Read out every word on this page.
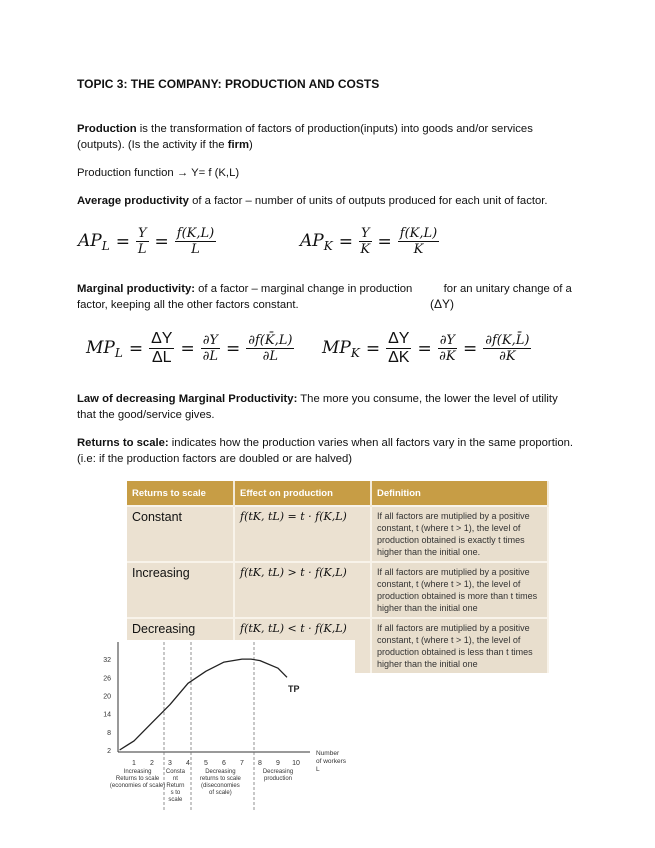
TOPIC 3: THE COMPANY: PRODUCTION AND COSTS
Production is the transformation of factors of production(inputs) into goods and/or services (outputs). (Is the activity if the firm)
Production function → Y= f (K,L)
Average productivity of a factor – number of units of outputs produced for each unit of factor.
$AP_L = \frac{Y}{L} = \frac{f(K,L)}{L}$	$AP_K = \frac{Y}{K} = \frac{f(K,L)}{K}$
Marginal productivity: of a factor – marginal change in production          for an unitary change of a factor, keeping all the other factors constant.	(ΔY)
$MP_L = \frac{\Delta Y}{\Delta L} = \frac{\partial Y}{\partial L} = \frac{\partial f(K̄,L)}{\partial L} MP_K = \frac{\Delta Y}{\Delta K} = \frac{\partial Y}{\partial K} = \frac{\partial f(K,L̄)}{\partial K}$
Law of decreasing Marginal Productivity: The more you consume, the lower the level of utility that the good/service gives.
Returns to scale: indicates how the production varies when all factors vary in the same proportion. (i.e: if the production factors are doubled or are halved)
Returns to scale	Effect on production	Definition
Constant	f(tK, tL) = t · f(K,L)	If all factors are mutiplied by a positive constant, t (where t > 1), the level of production obtained is exactly t times higher than the initial one.
Increasing	f(tK, tL) > t · f(K,L)	If all factors are mutiplied by a positive constant, t (where t > 1), the level of production obtained is more than t times higher than the initial one
Decreasing	f(tK, tL) < t · f(K,L)	If all factors are mutiplied by a positive constant, t (where t > 1), the level of production obtained is less than t times higher than the initial one
32
26
20
14
8
2
1 2 3 4 5 6 7 8 9 10
TP
Number
of workers
L
Increasing Returns to scale (economies of scale)
Consta nt Return s to scale
Decreasing returns to scale (diseconomies of scale)
Decreasing production
